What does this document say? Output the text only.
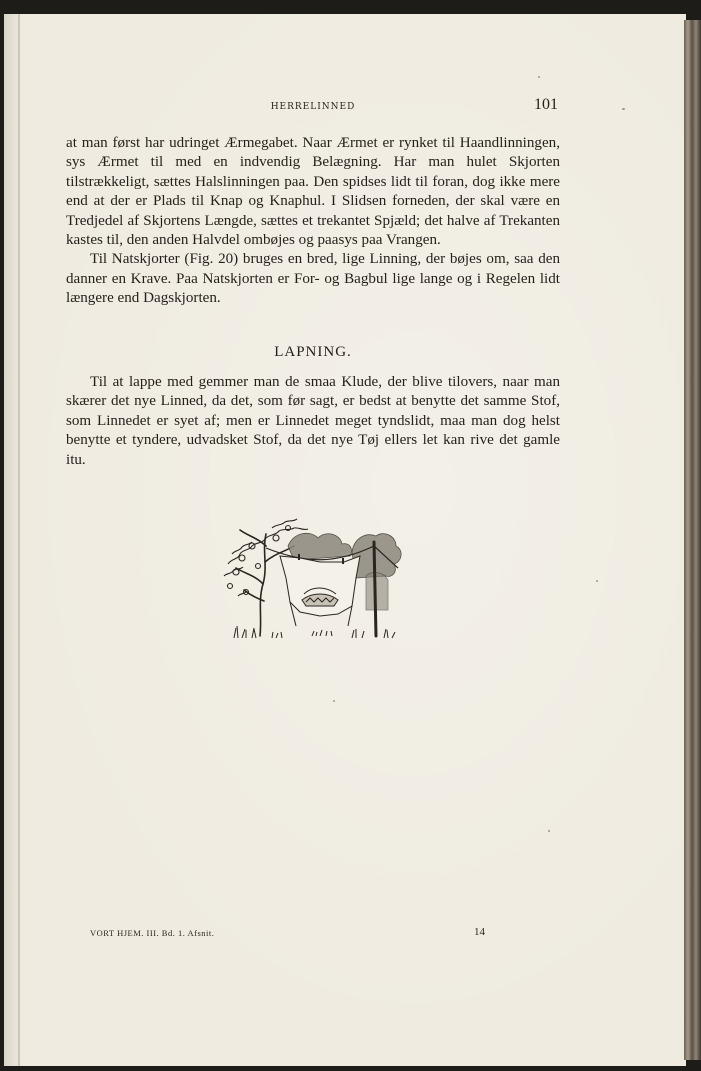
HERRELINNED	101

at man først har udringet Ærmegabet. Naar Ærmet er rynket til Haandlinningen, sys Ærmet til med en indvendig Belægning. Har man hulet Skjorten tilstrækkeligt, sættes Halslinningen paa. Den spidses lidt til foran, dog ikke mere end at der er Plads til Knap og Knaphul. I Slidsen forneden, der skal være en Tredjedel af Skjortens Længde, sættes et trekantet Spjæld; det halve af Trekanten kastes til, den anden Halvdel ombøjes og paasys paa Vrangen.

Til Natskjorter (Fig. 20) bruges en bred, lige Linning, der bøjes om, saa den danner en Krave. Paa Natskjorten er For- og Bagbul lige lange og i Regelen lidt længere end Dagskjorten.

LAPNING.

Til at lappe med gemmer man de smaa Klude, der blive tilovers, naar man skærer det nye Linned, da det, som før sagt, er bedst at benytte det samme Stof, som Linnedet er syet af; men er Linnedet meget tyndslidt, maa man dog helst benytte et tyndere, udvadsket Stof, da det nye Tøj ellers let kan rive det gamle itu.

VORT HJEM. III. Bd. 1. Afsnit.	14
